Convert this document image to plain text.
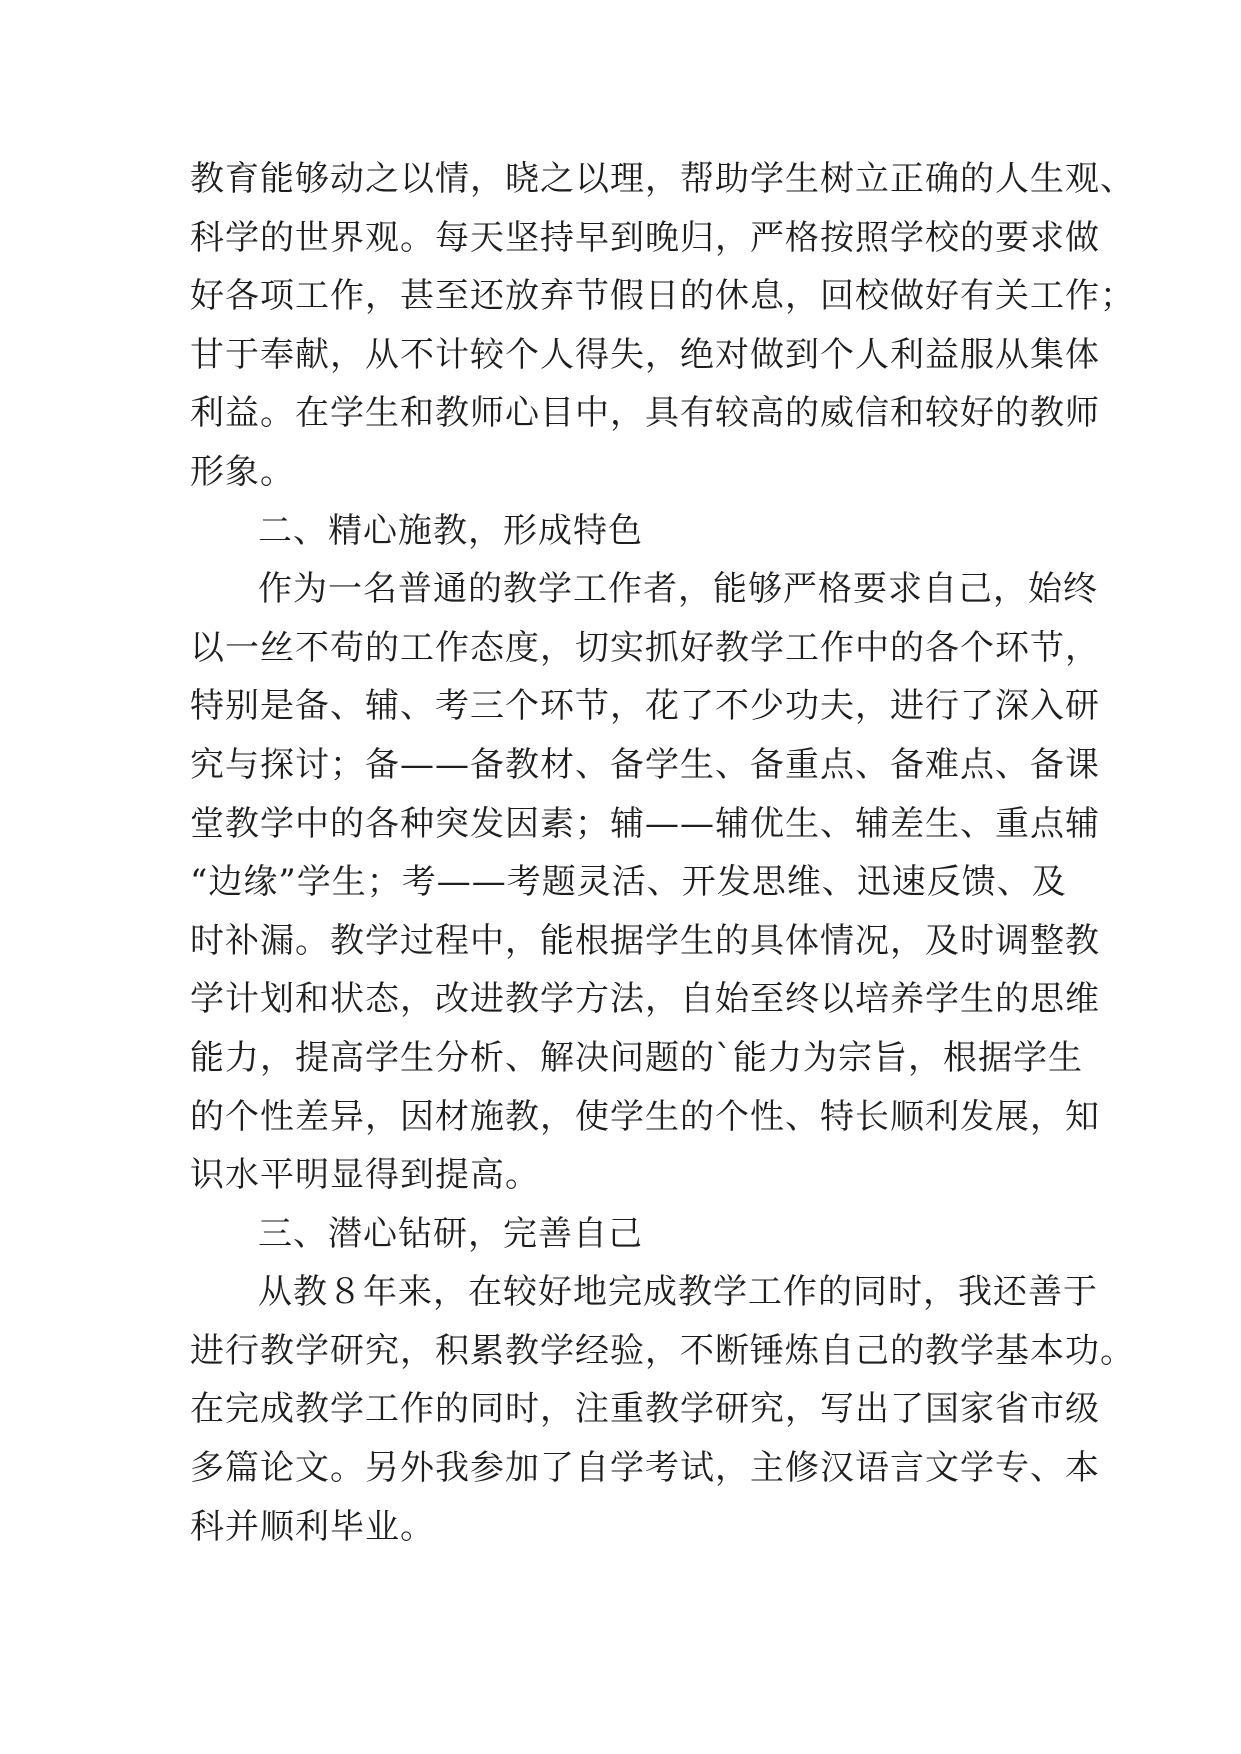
教育能够动之以情，晓之以理，帮助学生树立正确的人生观、
科学的世界观。每天坚持早到晚归，严格按照学校的要求做
好各项工作，甚至还放弃节假日的休息，回校做好有关工作；
甘于奉献，从不计较个人得失，绝对做到个人利益服从集体
利益。在学生和教师心目中，具有较高的威信和较好的教师
形象。
二、精心施教，形成特色
作为一名普通的教学工作者，能够严格要求自己，始终
以一丝不苟的工作态度，切实抓好教学工作中的各个环节，
特别是备、辅、考三个环节，花了不少功夫，进行了深入研
究与探讨；备——备教材、备学生、备重点、备难点、备课
堂教学中的各种突发因素；辅——辅优生、辅差生、重点辅
“边缘”学生；考——考题灵活、开发思维、迅速反馈、及
时补漏。教学过程中，能根据学生的具体情况，及时调整教
学计划和状态，改进教学方法，自始至终以培养学生的思维
能力，提高学生分析、解决问题的`能力为宗旨，根据学生
的个性差异，因材施教，使学生的个性、特长顺利发展，知
识水平明显得到提高。
三、潜心钻研，完善自己
从教８年来，在较好地完成教学工作的同时，我还善于
进行教学研究，积累教学经验，不断锤炼自己的教学基本功。
在完成教学工作的同时，注重教学研究，写出了国家省市级
多篇论文。另外我参加了自学考试，主修汉语言文学专、本
科并顺利毕业。
